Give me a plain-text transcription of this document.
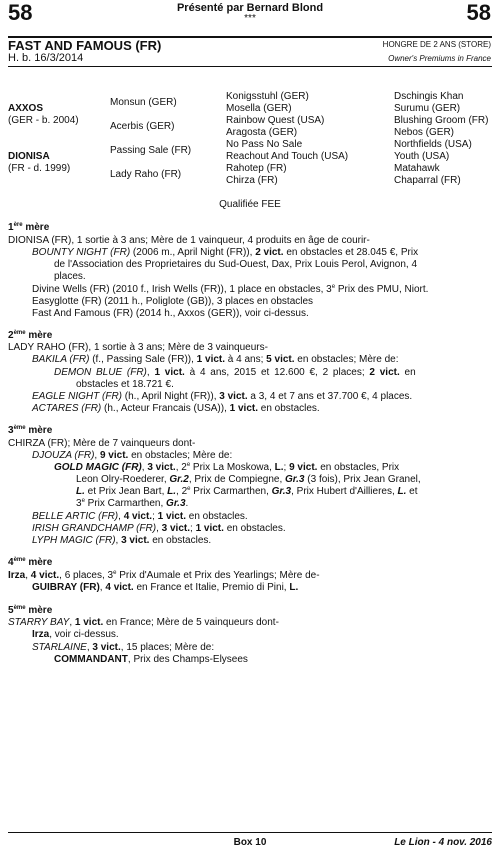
58	58
Présenté par Bernard Blond
***
FAST AND FAMOUS (FR)
H. b. 16/3/2014
HONGRE DE 2 ANS (STORE)
Owner's Premiums in France
AXXOS
(GER - b. 2004)
DIONISA
(FR - d. 1999)
Monsun (GER)
Acerbis (GER)
Passing Sale (FR)
Lady Raho (FR)
Konigsstuhl (GER)
Mosella (GER)
Rainbow Quest (USA)
Aragosta (GER)
No Pass No Sale
Reachout And Touch (USA)
Rahotep (FR)
Chirza (FR)
Dschingis Khan
Surumu (GER)
Blushing Groom (FR)
Nebos (GER)
Northfields (USA)
Youth (USA)
Matahawk
Chaparral (FR)
Qualifiée FEE
1ère mère
DIONISA (FR), 1 sortie à 3 ans; Mère de 1 vainqueur, 4 produits en âge de courir-
BOUNTY NIGHT (FR) (2006 m., April Night (FR)), 2 vict. en obstacles et 28.045 €, Prix
de l'Association des Proprietaires du Sud-Ouest, Dax, Prix Louis Perol, Avignon, 4
places.
Divine Wells (FR) (2010 f., Irish Wells (FR)), 1 place en obstacles, 3e Prix des PMU, Niort.
Easyglotte (FR) (2011 h., Poliglote (GB)), 3 places en obstacles
Fast And Famous (FR) (2014 h., Axxos (GER)), voir ci-dessus.
2ème mère
LADY RAHO (FR), 1 sortie à 3 ans; Mère de 3 vainqueurs-
BAKILA (FR) (f., Passing Sale (FR)), 1 vict. à 4 ans; 5 vict. en obstacles; Mère de:
DEMON BLUE (FR), 1 vict. à 4 ans, 2015 et 12.600 €, 2 places; 2 vict. en
obstacles et 18.721 €.
EAGLE NIGHT (FR) (h., April Night (FR)), 3 vict. a 3, 4 et 7 ans et 37.700 €, 4 places.
ACTARES (FR) (h., Acteur Francais (USA)), 1 vict. en obstacles.
3ème mère
CHIRZA (FR); Mère de 7 vainqueurs dont-
DJOUZA (FR), 9 vict. en obstacles; Mère de:
GOLD MAGIC (FR), 3 vict., 2e Prix La Moskowa, L.; 9 vict. en obstacles, Prix
Leon Olry-Roederer, Gr.2, Prix de Compiegne, Gr.3 (3 fois), Prix Jean Granel,
L. et Prix Jean Bart, L., 2e Prix Carmarthen, Gr.3, Prix Hubert d'Aillieres, L. et
3e Prix Carmarthen, Gr.3.
BELLE ARTIC (FR), 4 vict.; 1 vict. en obstacles.
IRISH GRANDCHAMP (FR), 3 vict.; 1 vict. en obstacles.
LYPH MAGIC (FR), 3 vict. en obstacles.
4ème mère
Irza, 4 vict., 6 places, 3e Prix d'Aumale et Prix des Yearlings; Mère de-
GUIBRAY (FR), 4 vict. en France et Italie, Premio di Pini, L.
5ème mère
STARRY BAY, 1 vict. en France; Mère de 5 vainqueurs dont-
Irza, voir ci-dessus.
STARLAINE, 3 vict., 15 places; Mère de:
COMMANDANT, Prix des Champs-Elysees
Box 10	Le Lion - 4 nov. 2016
